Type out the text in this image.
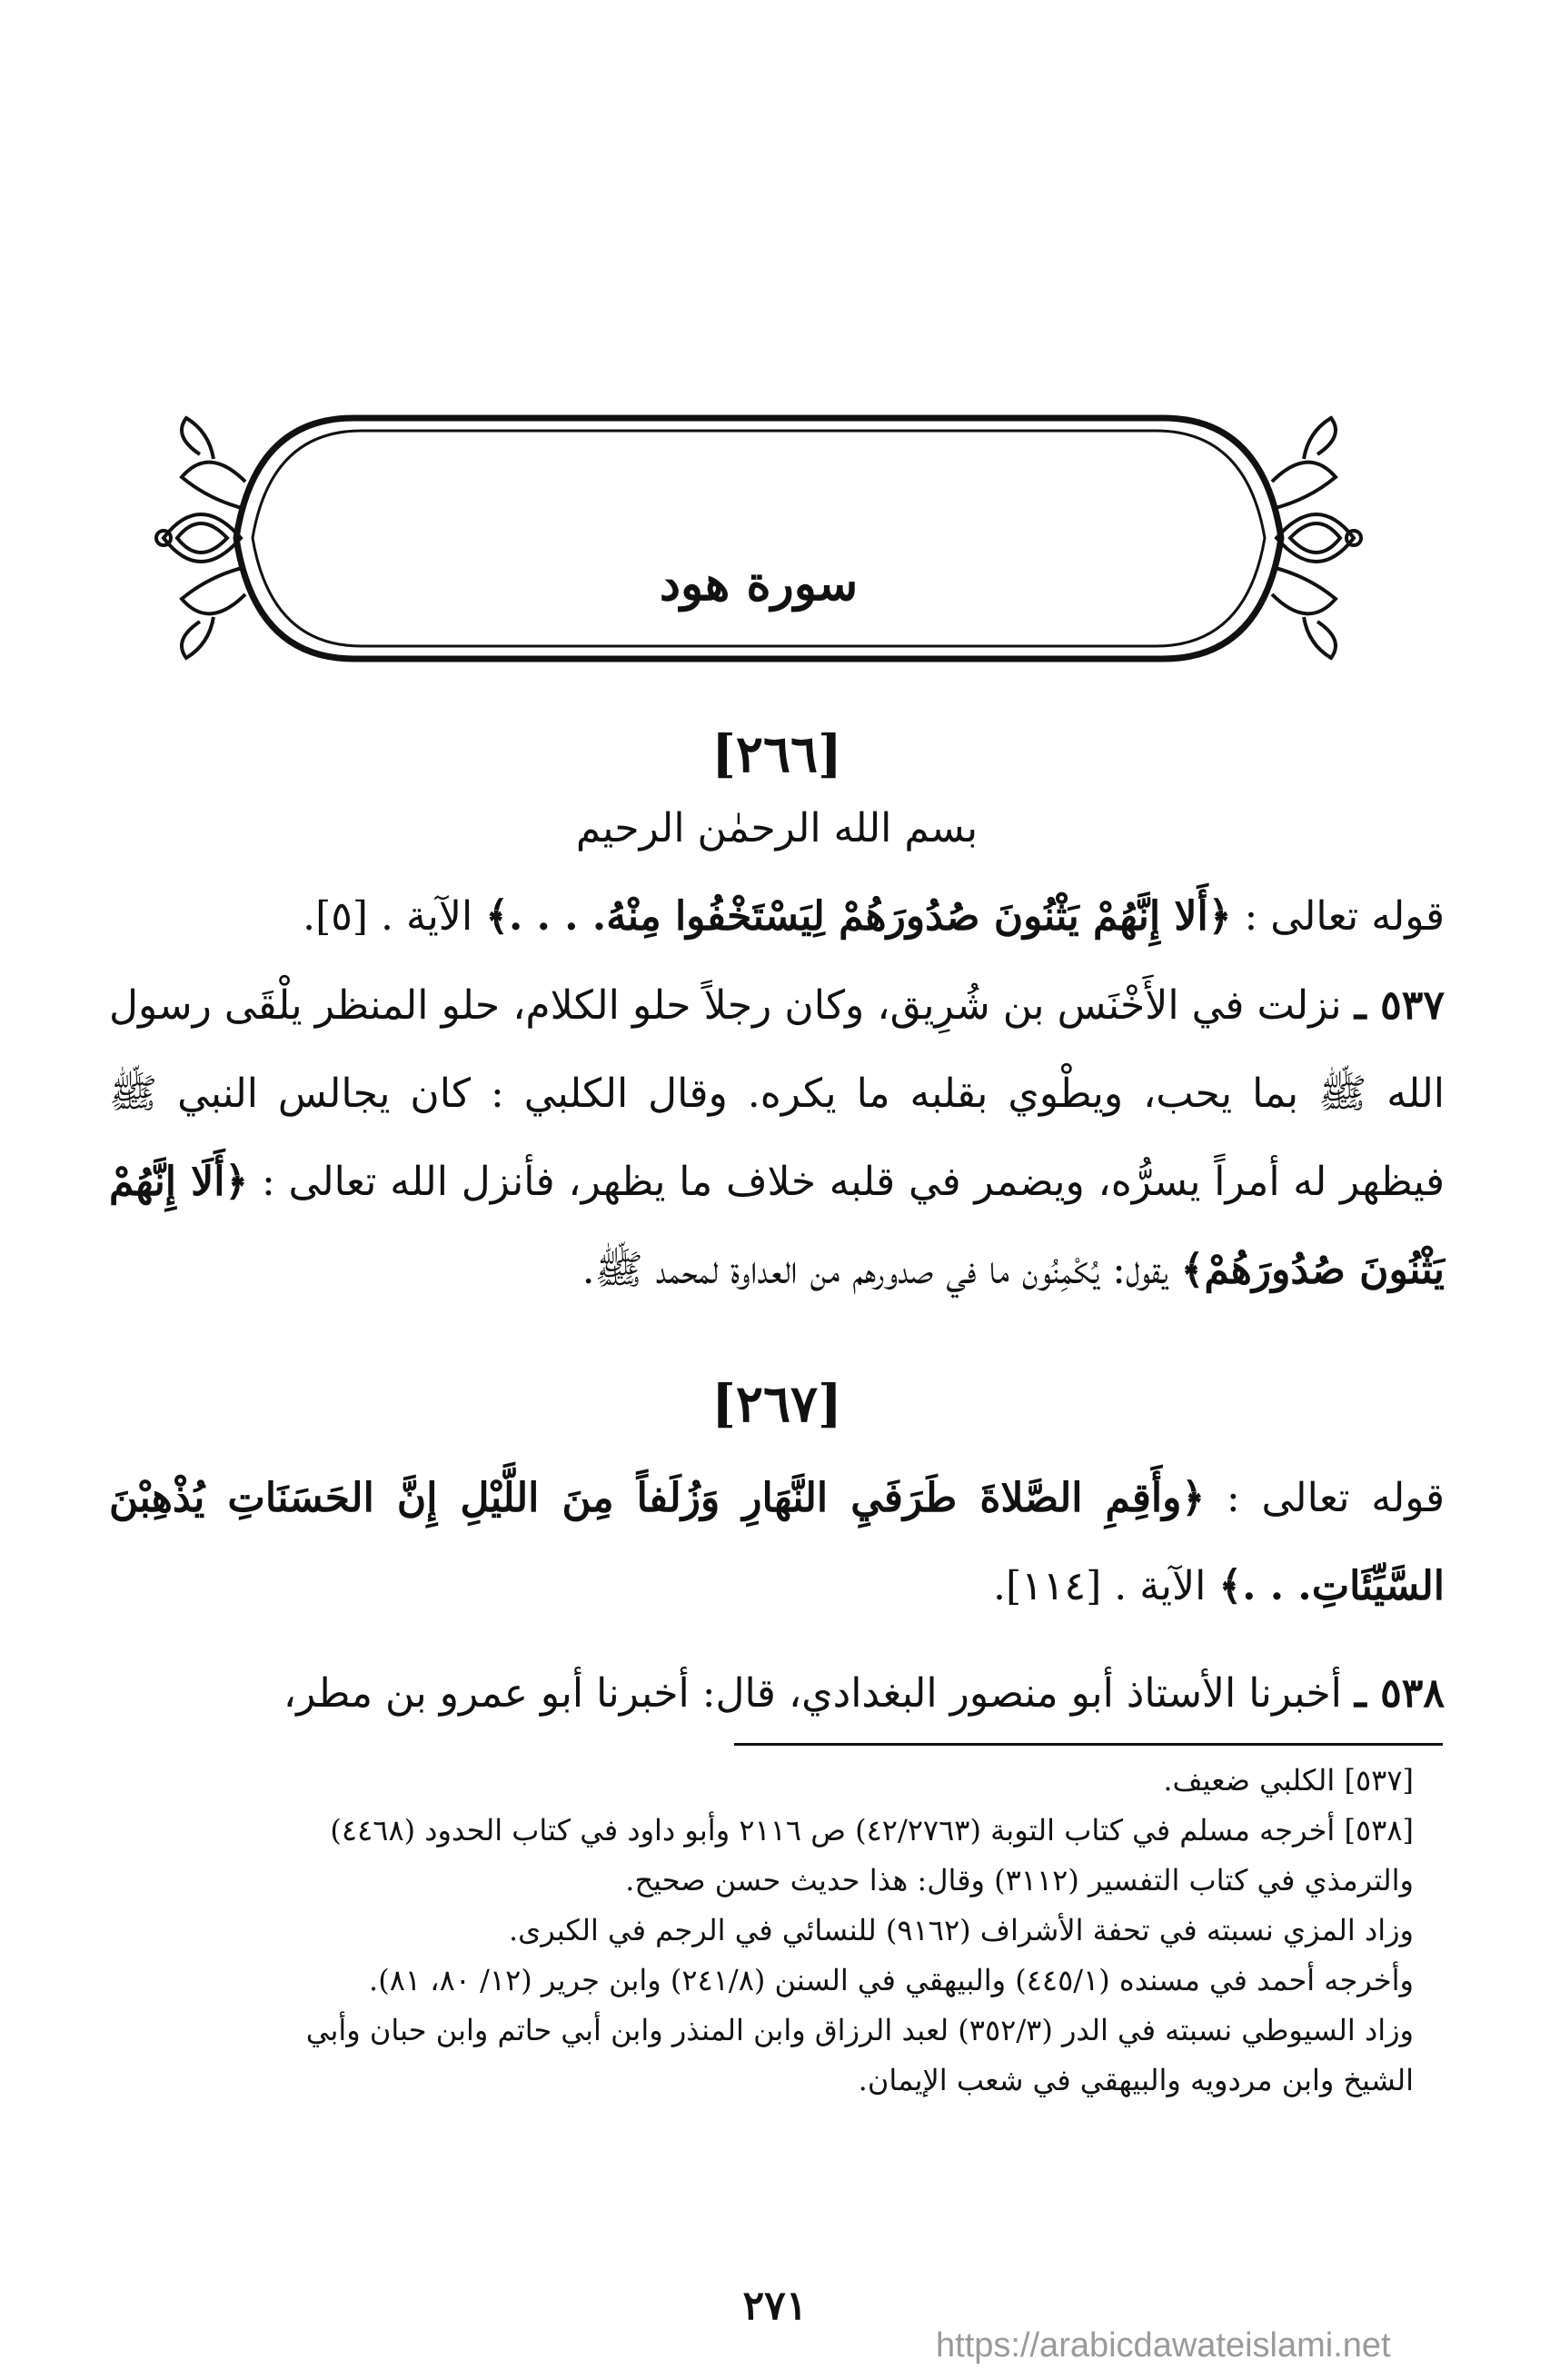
سورة هود
[٢٦٦]
بسم الله الرحمٰن الرحيم
قوله تعالى : ﴿أَلا إِنَّهُمْ يَثْنُونَ صُدُورَهُمْ لِيَسْتَخْفُوا مِنْهُ. . . .﴾ الآية . [٥].
٥٣٧ ـ نزلت في الأَخْنَس بن شُرِيق، وكان رجلاً حلو الكلام، حلو المنظر يلْقَى رسول الله ﷺ بما يحب، ويطْوي بقلبه ما يكره. وقال الكلبي : كان يجالس النبي ﷺ فيظهر له أمراً يسرُّه، ويضمر في قلبه خلاف ما يظهر، فأنزل الله تعالى : ﴿أَلَا إِنَّهُمْ يَثْنُونَ صُدُورَهُمْ﴾ يقول: يُكْمِنُون ما في صدورهم من العداوة لمحمد ﷺ.
[٢٦٧]
قوله تعالى : ﴿وأَقِمِ الصَّلاةَ طَرَفَيِ النَّهَارِ وَزُلَفاً مِنَ اللَّيْلِ إِنَّ الحَسَنَاتِ يُذْهِبْنَ السَّيِّئَاتِ. . .﴾ الآية . [١١٤].
٥٣٨ ـ أخبرنا الأستاذ أبو منصور البغدادي، قال: أخبرنا أبو عمرو بن مطر،

[٥٣٧] الكلبي ضعيف.

[٥٣٨] أخرجه مسلم في كتاب التوبة (٤٢/٢٧٦٣) ص ٢١١٦ وأبو داود في كتاب الحدود (٤٤٦٨)

والترمذي في كتاب التفسير (٣١١٢) وقال: هذا حديث حسن صحيح.

وزاد المزي نسبته في تحفة الأشراف (٩١٦٢) للنسائي في الرجم في الكبرى.

وأخرجه أحمد في مسنده (٤٤٥/١) والبيهقي في السنن (٢٤١/٨) وابن جرير (١٢/ ٨٠، ٨١).

وزاد السيوطي نسبته في الدر (٣٥٢/٣) لعبد الرزاق وابن المنذر وابن أبي حاتم وابن حبان وأبي

الشيخ وابن مردويه والبيهقي في شعب الإيمان.

٢٧١
https://arabicdawateislami.net
